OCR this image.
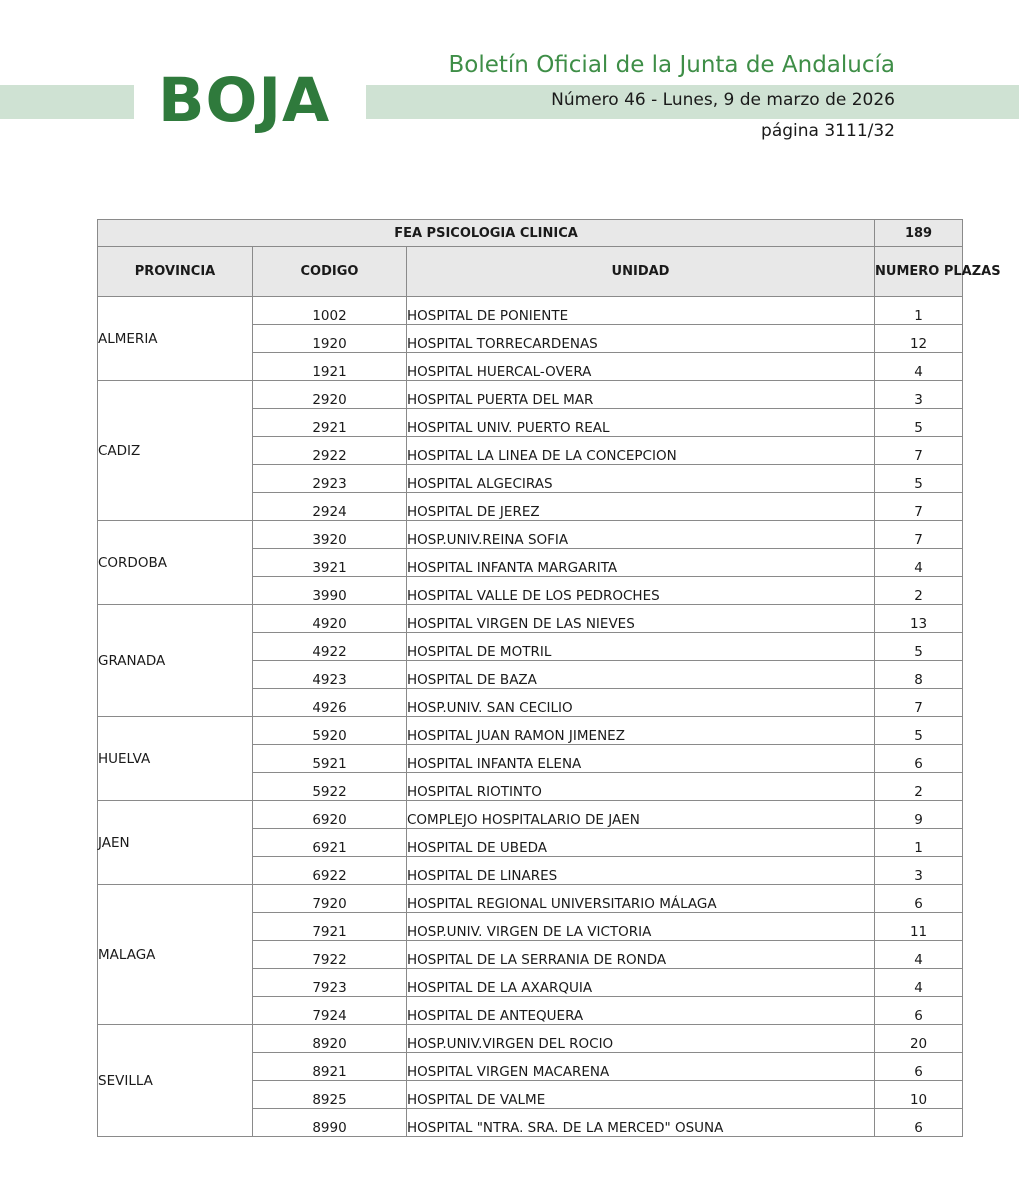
BOJA	Boletín Oficial de la Junta de Andalucía
Número 46 - Lunes, 9 de marzo de 2026
página 3111/32
FEA PSICOLOGIA CLINICA			189
PROVINCIA	CODIGO	UNIDAD	NUMERO PLAZAS
ALMERIA	1002	HOSPITAL DE PONIENTE	1
	1920	HOSPITAL TORRECARDENAS	12
	1921	HOSPITAL HUERCAL-OVERA	4
CADIZ	2920	HOSPITAL PUERTA DEL MAR	3
	2921	HOSPITAL UNIV. PUERTO REAL	5
	2922	HOSPITAL LA LINEA DE LA CONCEPCION	7
	2923	HOSPITAL ALGECIRAS	5
	2924	HOSPITAL DE JEREZ	7
CORDOBA	3920	HOSP.UNIV.REINA SOFIA	7
	3921	HOSPITAL INFANTA MARGARITA	4
	3990	HOSPITAL VALLE DE LOS PEDROCHES	2
GRANADA	4920	HOSPITAL VIRGEN DE LAS NIEVES	13
	4922	HOSPITAL DE MOTRIL	5
	4923	HOSPITAL DE BAZA	8
	4926	HOSP.UNIV. SAN CECILIO	7
HUELVA	5920	HOSPITAL JUAN RAMON JIMENEZ	5
	5921	HOSPITAL INFANTA ELENA	6
	5922	HOSPITAL RIOTINTO	2
JAEN	6920	COMPLEJO HOSPITALARIO DE JAEN	9
	6921	HOSPITAL DE UBEDA	1
	6922	HOSPITAL DE LINARES	3
MALAGA	7920	HOSPITAL REGIONAL UNIVERSITARIO MÁLAGA	6
	7921	HOSP.UNIV. VIRGEN DE LA VICTORIA	11
	7922	HOSPITAL DE LA SERRANIA DE RONDA	4
	7923	HOSPITAL DE LA AXARQUIA	4
	7924	HOSPITAL DE ANTEQUERA	6
SEVILLA	8920	HOSP.UNIV.VIRGEN DEL ROCIO	20
	8921	HOSPITAL VIRGEN MACARENA	6
	8925	HOSPITAL DE VALME	10
	8990	HOSPITAL "NTRA. SRA. DE LA MERCED" OSUNA	6
